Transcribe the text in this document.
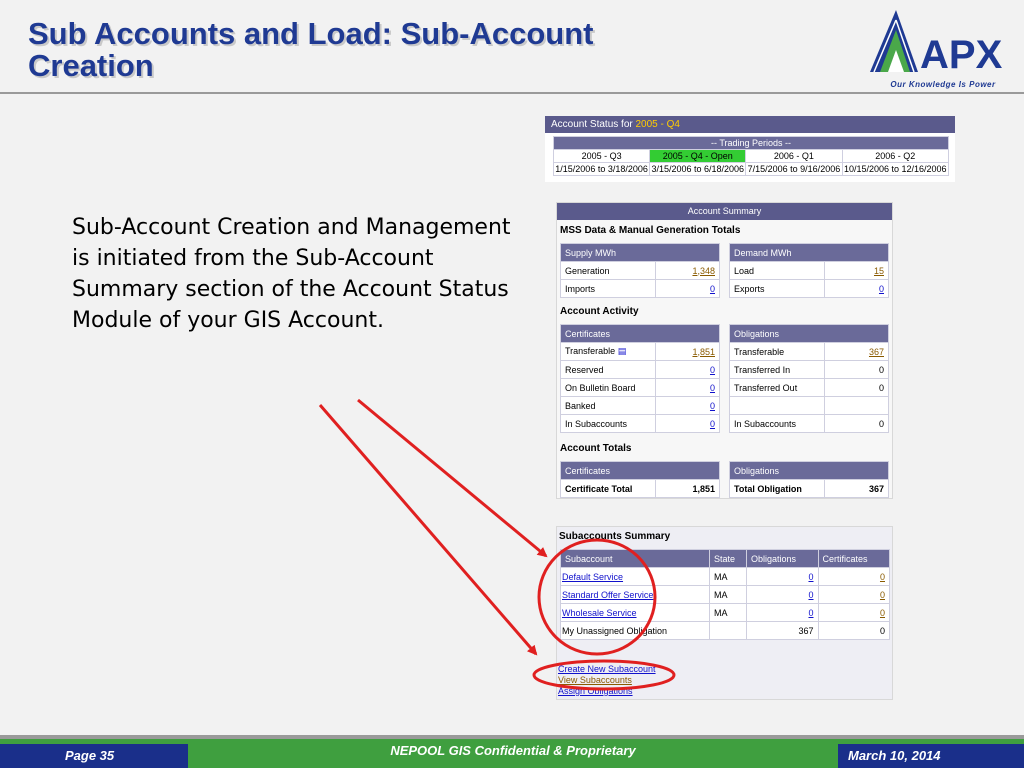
Sub Accounts and Load: Sub-Account
Creation	APX
Our Knowledge Is Power

Sub-Account Creation and Management is initiated from the Sub-Account Summary section of the Account Status Module of your GIS Account.

Account Status for 2005 - Q4
-- Trading Periods --			
2005 - Q3	2005 - Q4 - Open	2006 - Q1	2006 - Q2
1/15/2006 to 3/18/2006	3/15/2006 to 6/18/2006	7/15/2006 to 9/16/2006	10/15/2006 to 12/16/2006
Account Summary
MSS Data & Manual Generation Totals
Supply MWh	
Generation	1,348
Imports	0
Demand MWh	
Load	15
Exports	0
Account Activity
Certificates	
Transferable ▤	1,851
Reserved	0
On Bulletin Board	0
Banked	0
In Subaccounts	0
Obligations	
Transferable	367
Transferred In	0
Transferred Out	0

In Subaccounts	0
Account Totals
Certificates
Certificate Total	1,851
Obligations
Total Obligation	367
Subaccounts Summary
Subaccount	State	Obligations	Certificates
Default Service	MA	0	0
Standard Offer Service	MA	0	0
Wholesale Service	MA	0	0
My Unassigned Obligation		367	0
Create New Subaccount
View Subaccounts
Assign Obligations
Page 35	NEPOOL GIS Confidential & Proprietary	March 10, 2014
